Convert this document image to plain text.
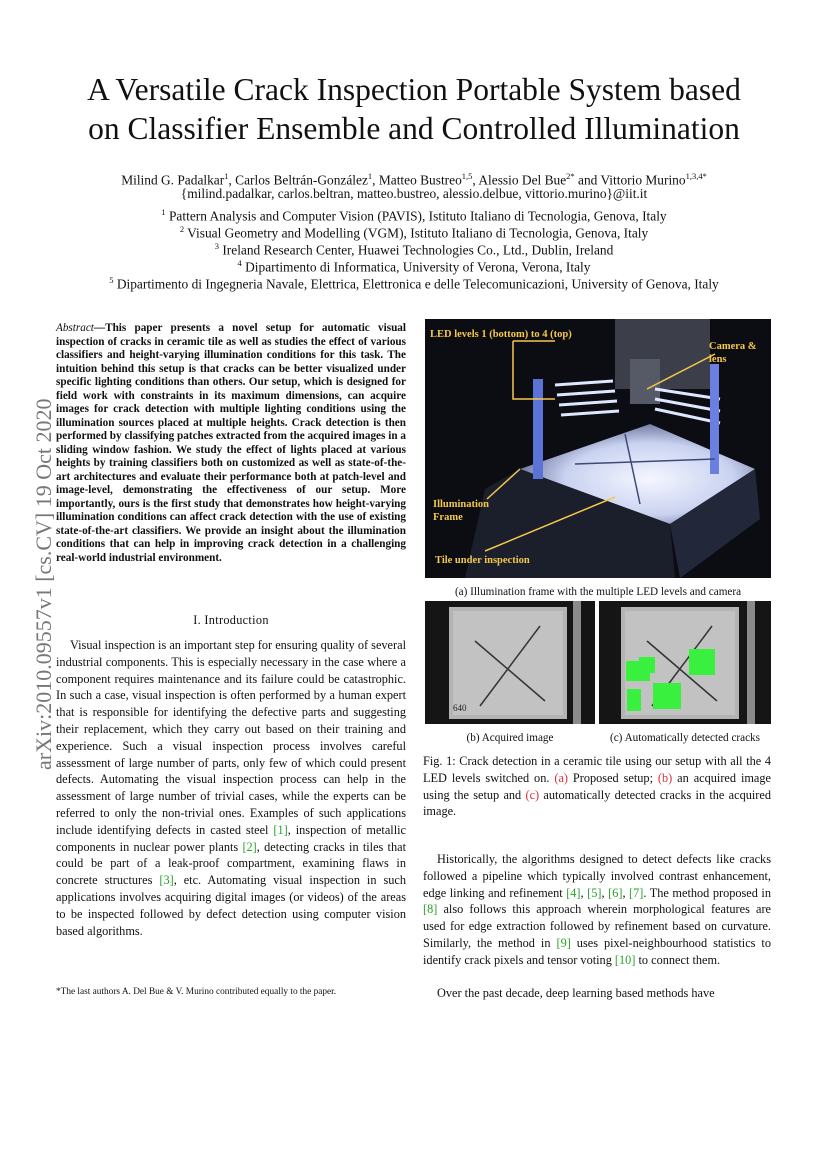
A Versatile Crack Inspection Portable System based
on Classifier Ensemble and Controlled Illumination
Milind G. Padalkar$^1$, Carlos Beltrán-González$^1$, Matteo Bustreo$^{1,5}$, Alessio Del Bue$^{2*}$ and Vittorio Murino$^{1,3,4*}$
{milind.padalkar, carlos.beltran, matteo.bustreo, alessio.delbue, vittorio.murino}@iit.it
$^1$ Pattern Analysis and Computer Vision (PAVIS), Istituto Italiano di Tecnologia, Genova, Italy
$^2$ Visual Geometry and Modelling (VGM), Istituto Italiano di Tecnologia, Genova, Italy
$^3$ Ireland Research Center, Huawei Technologies Co., Ltd., Dublin, Ireland
$^4$ Dipartimento di Informatica, University of Verona, Verona, Italy
$^5$ Dipartimento di Ingegneria Navale, Elettrica, Elettronica e delle Telecomunicazioni, University of Genova, Italy
arXiv:2010.09557v1 [cs.CV] 19 Oct 2020
Abstract—This paper presents a novel setup for automatic visual inspection of cracks in ceramic tile as well as studies the effect of various classifiers and height-varying illumination conditions for this task. The intuition behind this setup is that cracks can be better visualized under specific lighting conditions than others. Our setup, which is designed for field work with constraints in its maximum dimensions, can acquire images for crack detection with multiple lighting conditions using the illumination sources placed at multiple heights. Crack detection is then performed by classifying patches extracted from the acquired images in a sliding window fashion. We study the effect of lights placed at various heights by training classifiers both on customized as well as state-of-the-art architectures and evaluate their performance both at patch-level and image-level, demonstrating the effectiveness of our setup. More importantly, ours is the first study that demonstrates how height-varying illumination conditions can affect crack detection with the use of existing state-of-the-art classifiers. We provide an insight about the illumination conditions that can help in improving crack detection in a challenging real-world industrial environment.
I. Introduction
Visual inspection is an important step for ensuring quality of several industrial components. This is especially necessary in the case where a component requires maintenance and its failure could be catastrophic. In such a case, visual inspection is often performed by a human expert that is responsible for identifying the defective parts and suggesting their replacement, which they carry out based on their training and experience. Such a visual inspection process involves careful assessment of large number of parts, only few of which could present defects. Automating the visual inspection process can help in the assessment of large number of trivial cases, while the experts can be referred to only the non-trivial ones. Examples of such applications include identifying defects in casted steel [1], inspection of metallic components in nuclear power plants [2], detecting cracks in tiles that could be part of a leak-proof compartment, examining flaws in concrete structures [3], etc. Automating visual inspection in such applications involves acquiring digital images (or videos) of the areas to be inspected followed by defect detection using computer vision based algorithms.
*The last authors A. Del Bue & V. Murino contributed equally to the paper.
LED levels 1 (bottom) to 4 (top)
Camera &
lens
Illumination
Frame
Tile under inspection
(a) Illumination frame with the multiple LED levels and camera
640
(b) Acquired image	(c) Automatically detected cracks
Fig. 1: Crack detection in a ceramic tile using our setup with all the 4 LED levels switched on. (a) Proposed setup; (b) an acquired image using the setup and (c) automatically detected cracks in the acquired image.
Historically, the algorithms designed to detect defects like cracks followed a pipeline which typically involved contrast enhancement, edge linking and refinement [4], [5], [6], [7]. The method proposed in [8] also follows this approach wherein morphological features are used for edge extraction followed by refinement based on curvature. Similarly, the method in [9] uses pixel-neighbourhood statistics to identify crack pixels and tensor voting [10] to connect them.
Over the past decade, deep learning based methods have
